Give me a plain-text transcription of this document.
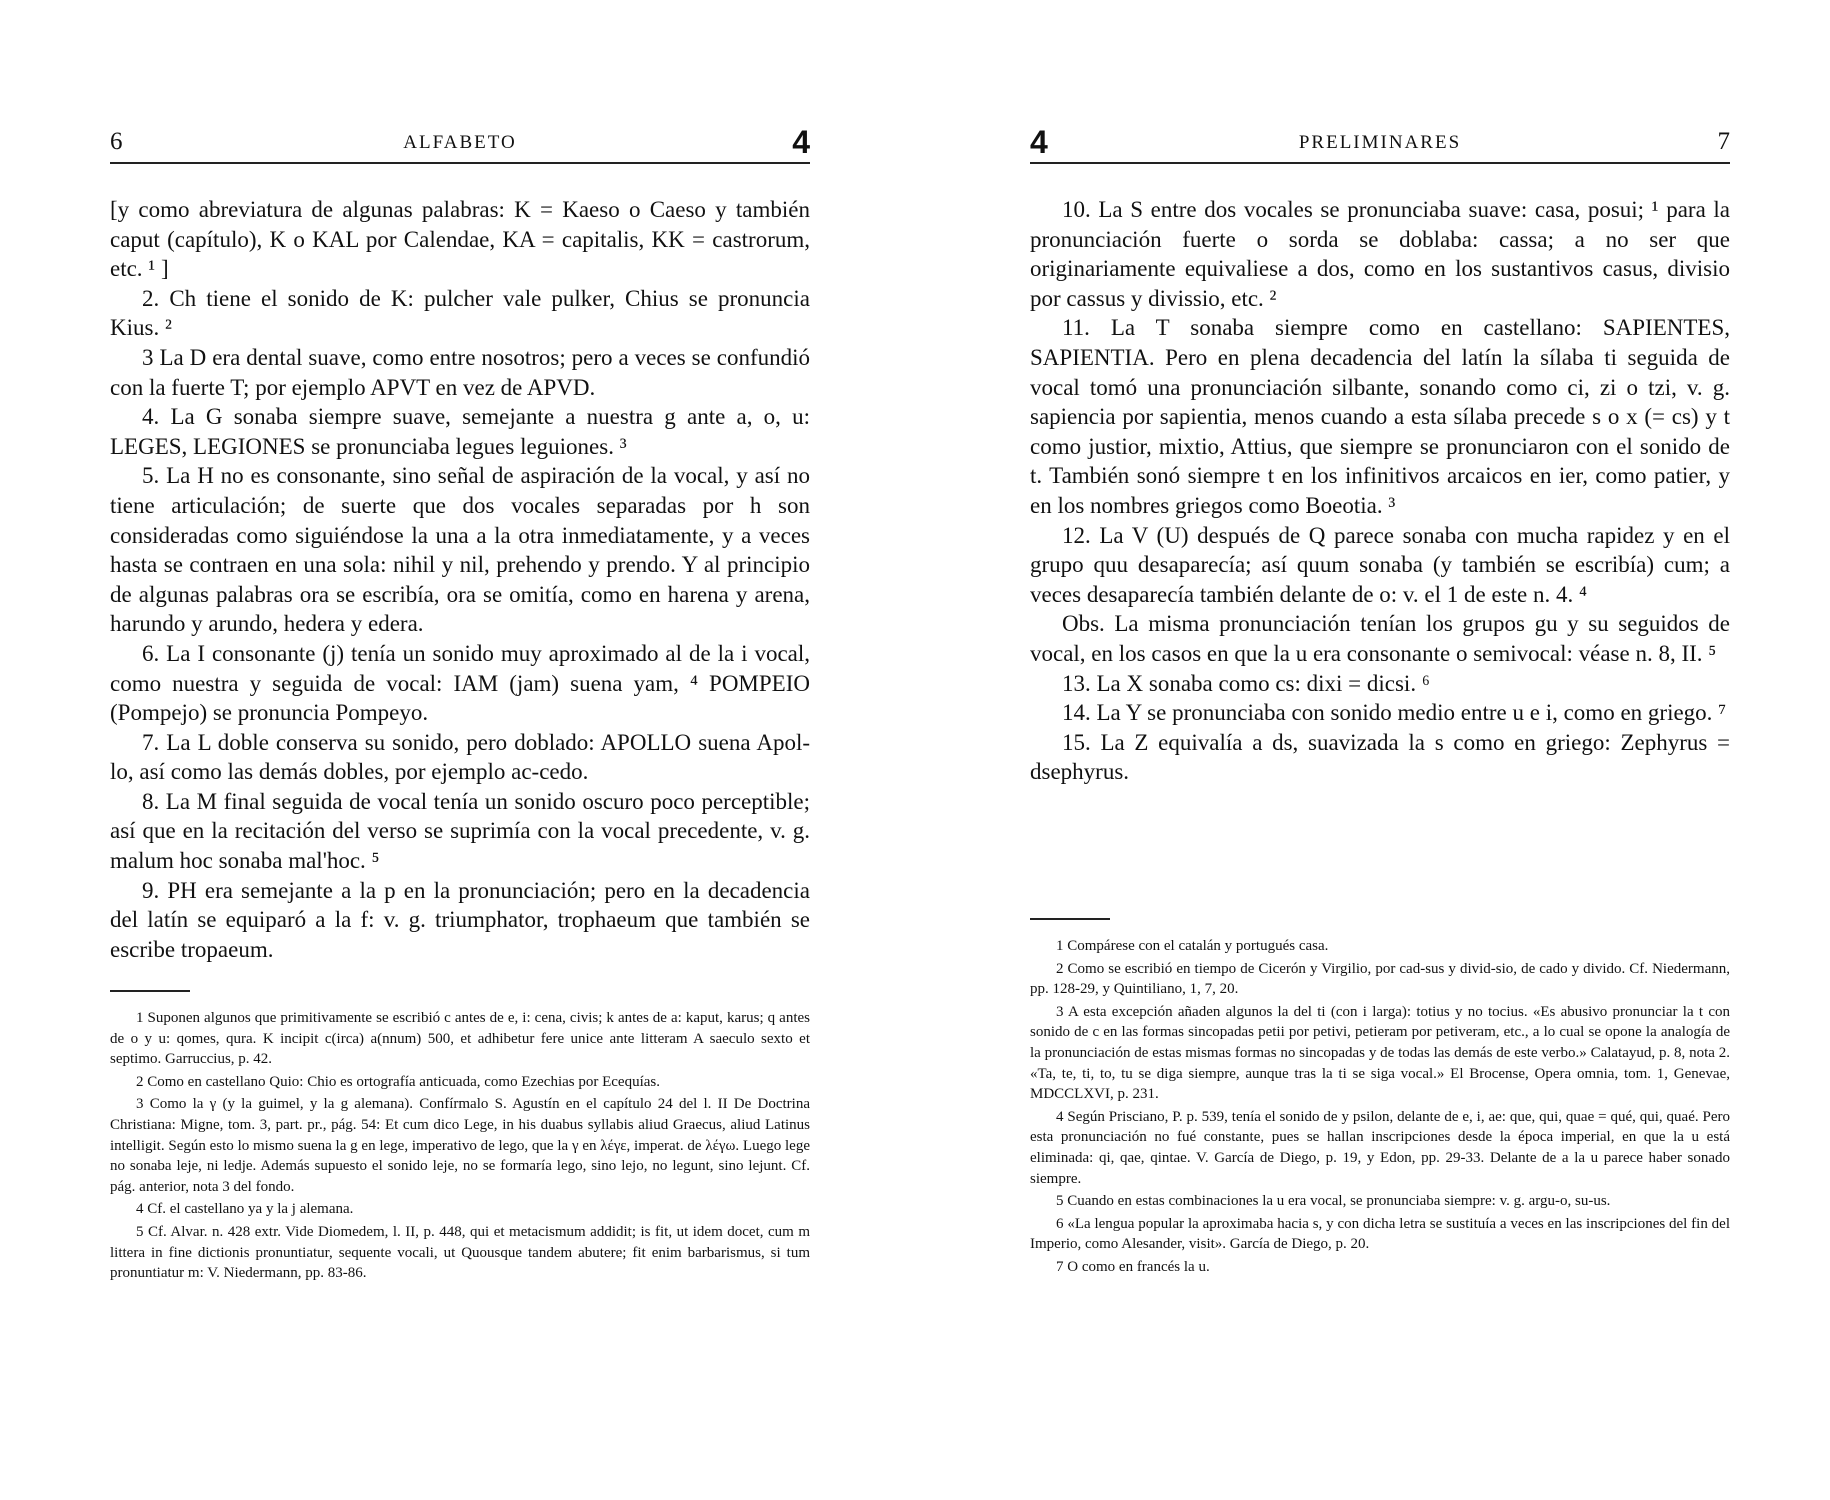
6	ALFABETO	4

[y como abreviatura de algunas palabras: K = Kaeso o Caeso y también caput (capítulo), K o KAL por Calendae, KA = capitalis, KK = castrorum, etc. ¹ ]

2. Ch tiene el sonido de K: pulcher vale pulker, Chius se pronuncia Kius. ²

3 La D era dental suave, como entre nosotros; pero a veces se confundió con la fuerte T; por ejemplo APVT en vez de APVD.

4. La G sonaba siempre suave, semejante a nuestra g ante a, o, u: LEGES, LEGIONES se pronunciaba legues leguiones. ³

5. La H no es consonante, sino señal de aspiración de la vocal, y así no tiene articulación; de suerte que dos vocales separadas por h son consideradas como siguiéndose la una a la otra inmediatamente, y a veces hasta se contraen en una sola: nihil y nil, prehendo y prendo. Y al principio de algunas palabras ora se escribía, ora se omitía, como en harena y arena, harundo y arundo, hedera y edera.

6. La I consonante (j) tenía un sonido muy aproximado al de la i vocal, como nuestra y seguida de vocal: IAM (jam) suena yam, ⁴ POMPEIO (Pompejo) se pronuncia Pompeyo.

7. La L doble conserva su sonido, pero doblado: APOLLO suena Apol-lo, así como las demás dobles, por ejemplo ac-cedo.

8. La M final seguida de vocal tenía un sonido oscuro poco perceptible; así que en la recitación del verso se suprimía con la vocal precedente, v. g. malum hoc sonaba mal'hoc. ⁵

9. PH era semejante a la p en la pronunciación; pero en la decadencia del latín se equiparó a la f: v. g. triumphator, trophaeum que también se escribe tropaeum.

1 Suponen algunos que primitivamente se escribió c antes de e, i: cena, civis; k antes de a: kaput, karus; q antes de o y u: qomes, qura. K incipit c(irca) a(nnum) 500, et adhibetur fere unice ante litteram A saeculo sexto et septimo. Garruccius, p. 42.

2 Como en castellano Quio: Chio es ortografía anticuada, como Ezechias por Ecequías.

3 Como la γ (y la guimel, y la g alemana). Confírmalo S. Agustín en el capítulo 24 del l. II De Doctrina Christiana: Migne, tom. 3, part. pr., pág. 54: Et cum dico Lege, in his duabus syllabis aliud Graecus, aliud Latinus intelligit. Según esto lo mismo suena la g en lege, imperativo de lego, que la γ en λέγε, imperat. de λέγω. Luego lege no sonaba leje, ni ledje. Además supuesto el sonido leje, no se formaría lego, sino lejo, no legunt, sino lejunt. Cf. pág. anterior, nota 3 del fondo.

4 Cf. el castellano ya y la j alemana.

5 Cf. Alvar. n. 428 extr. Vide Diomedem, l. II, p. 448, qui et metacismum addidit; is fit, ut idem docet, cum m littera in fine dictionis pronuntiatur, sequente vocali, ut Quousque tandem abutere; fit enim barbarismus, si tum pronuntiatur m: V. Niedermann, pp. 83-86.

4	PRELIMINARES	7

10. La S entre dos vocales se pronunciaba suave: casa, posui; ¹ para la pronunciación fuerte o sorda se doblaba: cassa; a no ser que originariamente equivaliese a dos, como en los sustantivos casus, divisio por cassus y divissio, etc. ²

11. La T sonaba siempre como en castellano: SAPIENTES, SAPIENTIA. Pero en plena decadencia del latín la sílaba ti seguida de vocal tomó una pronunciación silbante, sonando como ci, zi o tzi, v. g. sapiencia por sapientia, menos cuando a esta sílaba precede s o x (= cs) y t como justior, mixtio, Attius, que siempre se pronunciaron con el sonido de t. También sonó siempre t en los infinitivos arcaicos en ier, como patier, y en los nombres griegos como Boeotia. ³

12. La V (U) después de Q parece sonaba con mucha rapidez y en el grupo quu desaparecía; así quum sonaba (y también se escribía) cum; a veces desaparecía también delante de o: v. el 1 de este n. 4. ⁴

Obs. La misma pronunciación tenían los grupos gu y su seguidos de vocal, en los casos en que la u era consonante o semivocal: véase n. 8, II. ⁵

13. La X sonaba como cs: dixi = dicsi. ⁶

14. La Y se pronunciaba con sonido medio entre u e i, como en griego. ⁷

15. La Z equivalía a ds, suavizada la s como en griego: Zephyrus = dsephyrus.

1 Compárese con el catalán y portugués casa.

2 Como se escribió en tiempo de Cicerón y Virgilio, por cad-sus y divid-sio, de cado y divido. Cf. Niedermann, pp. 128-29, y Quintiliano, 1, 7, 20.

3 A esta excepción añaden algunos la del ti (con i larga): totius y no tocius. «Es abusivo pronunciar la t con sonido de c en las formas sincopadas petii por petivi, petieram por petiveram, etc., a lo cual se opone la analogía de la pronunciación de estas mismas formas no sincopadas y de todas las demás de este verbo.» Calatayud, p. 8, nota 2. «Ta, te, ti, to, tu se diga siempre, aunque tras la ti se siga vocal.» El Brocense, Opera omnia, tom. 1, Genevae, MDCCLXVI, p. 231.

4 Según Prisciano, P. p. 539, tenía el sonido de y psilon, delante de e, i, ae: que, qui, quae = qué, qui, quaé. Pero esta pronunciación no fué constante, pues se hallan inscripciones desde la época imperial, en que la u está eliminada: qi, qae, qintae. V. García de Diego, p. 19, y Edon, pp. 29-33. Delante de a la u parece haber sonado siempre.

5 Cuando en estas combinaciones la u era vocal, se pronunciaba siempre: v. g. argu-o, su-us.

6 «La lengua popular la aproximaba hacia s, y con dicha letra se sustituía a veces en las inscripciones del fin del Imperio, como Alesander, visit». García de Diego, p. 20.

7 O como en francés la u.
